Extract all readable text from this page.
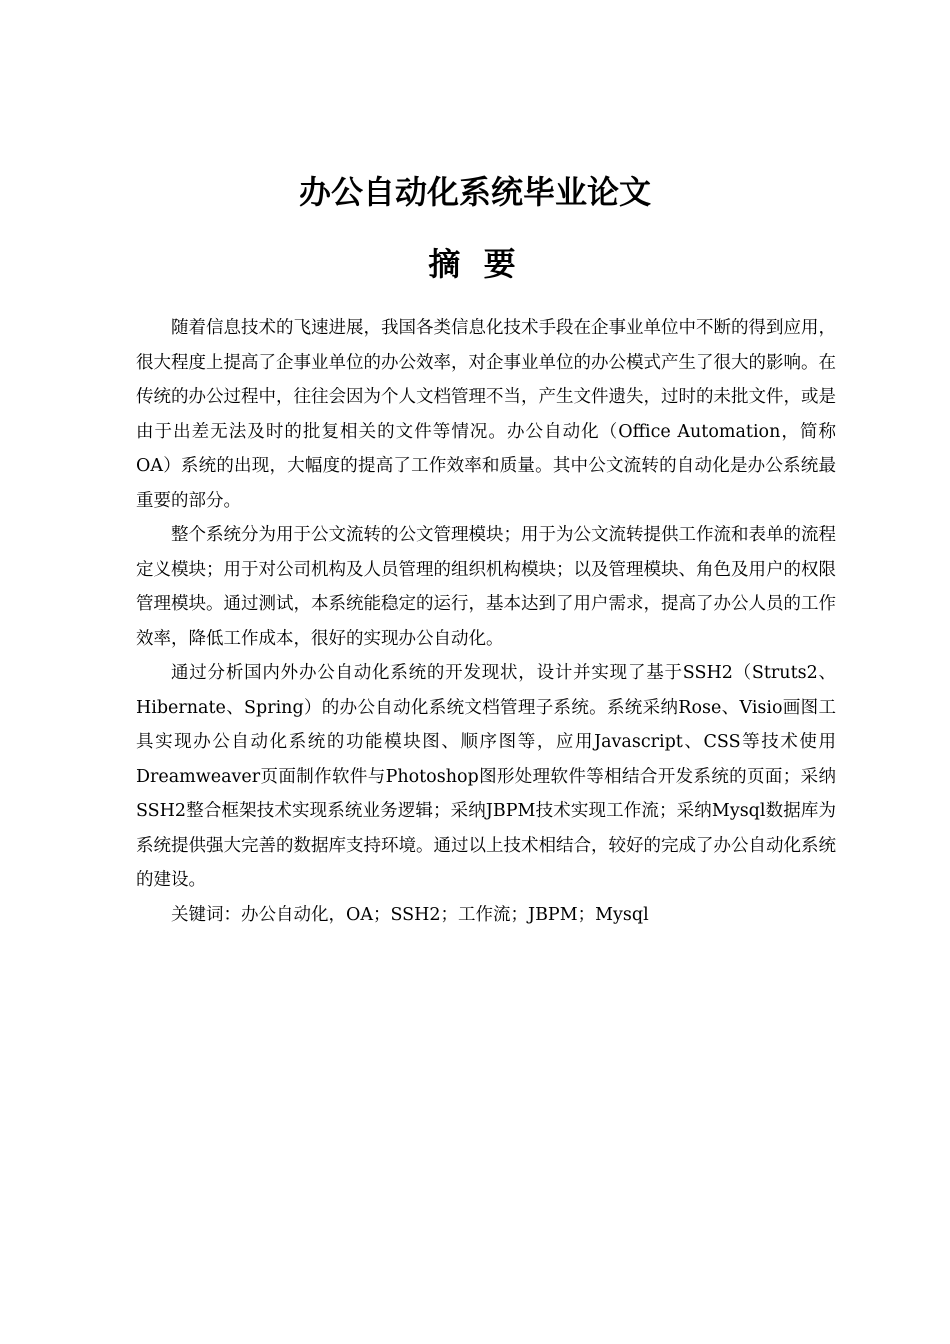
办公自动化系统毕业论文
摘 要

随着信息技术的飞速进展，我国各类信息化技术手段在企事业单位中不断的得到应用，很大程度上提高了企事业单位的办公效率，对企事业单位的办公模式产生了很大的影响。在传统的办公过程中，往往会因为个人文档管理不当，产生文件遗失，过时的未批文件，或是由于出差无法及时的批复相关的文件等情况。办公自动化（Office Automation，简称 OA）系统的出现，大幅度的提高了工作效率和质量。其中公文流转的自动化是办公系统最重要的部分。

整个系统分为用于公文流转的公文管理模块；用于为公文流转提供工作流和表单的流程定义模块；用于对公司机构及人员管理的组织机构模块；以及管理模块、角色及用户的权限管理模块。通过测试，本系统能稳定的运行，基本达到了用户需求，提高了办公人员的工作效率，降低工作成本，很好的实现办公自动化。

通过分析国内外办公自动化系统的开发现状，设计并实现了基于SSH2（Struts2、Hibernate、Spring）的办公自动化系统文档管理子系统。系统采纳Rose、Visio画图工具实现办公自动化系统的功能模块图、顺序图等，应用Javascript、CSS等技术使用Dreamweaver页面制作软件与Photoshop图形处理软件等相结合开发系统的页面；采纳SSH2整合框架技术实现系统业务逻辑；采纳JBPM技术实现工作流；采纳Mysql数据库为系统提供强大完善的数据库支持环境。通过以上技术相结合，较好的完成了办公自动化系统的建设。

关键词：办公自动化，OA；SSH2；工作流；JBPM；Mysql
